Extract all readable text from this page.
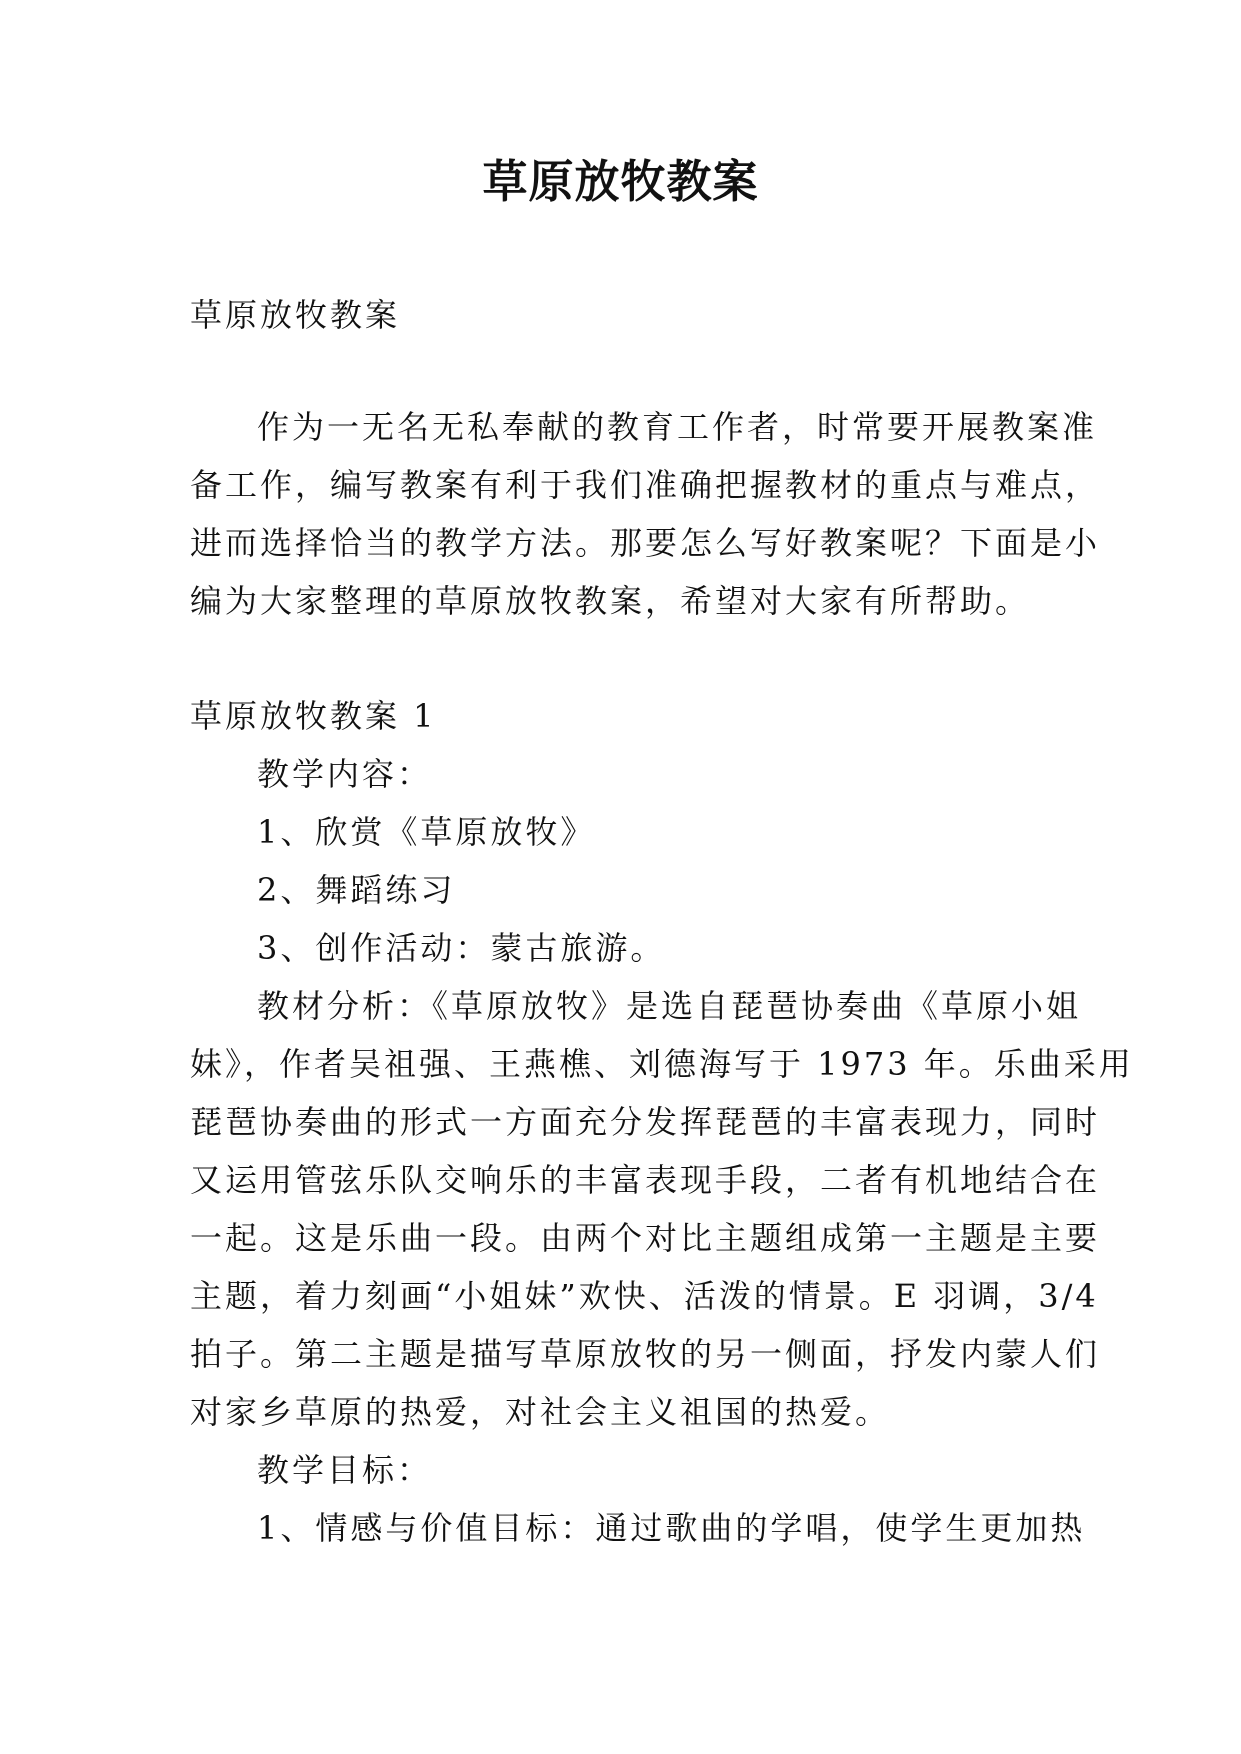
草原放牧教案
草原放牧教案
作为一无名无私奉献的教育工作者，时常要开展教案准
备工作，编写教案有利于我们准确把握教材的重点与难点，
进而选择恰当的教学方法。那要怎么写好教案呢？下面是小
编为大家整理的草原放牧教案，希望对大家有所帮助。
草原放牧教案 1
教学内容：
1、欣赏《草原放牧》
2、舞蹈练习
3、创作活动：蒙古旅游。
教材分析：《草原放牧》是选自琵琶协奏曲《草原小姐
妹》，作者吴祖强、王燕樵、刘德海写于 1973 年。乐曲采用
琵琶协奏曲的形式一方面充分发挥琵琶的丰富表现力，同时
又运用管弦乐队交响乐的丰富表现手段，二者有机地结合在
一起。这是乐曲一段。由两个对比主题组成第一主题是主要
主题，着力刻画“小姐妹”欢快、活泼的情景。E 羽调，3/4
拍子。第二主题是描写草原放牧的另一侧面，抒发内蒙人们
对家乡草原的热爱，对社会主义祖国的热爱。
教学目标：
1、情感与价值目标：通过歌曲的学唱，使学生更加热
